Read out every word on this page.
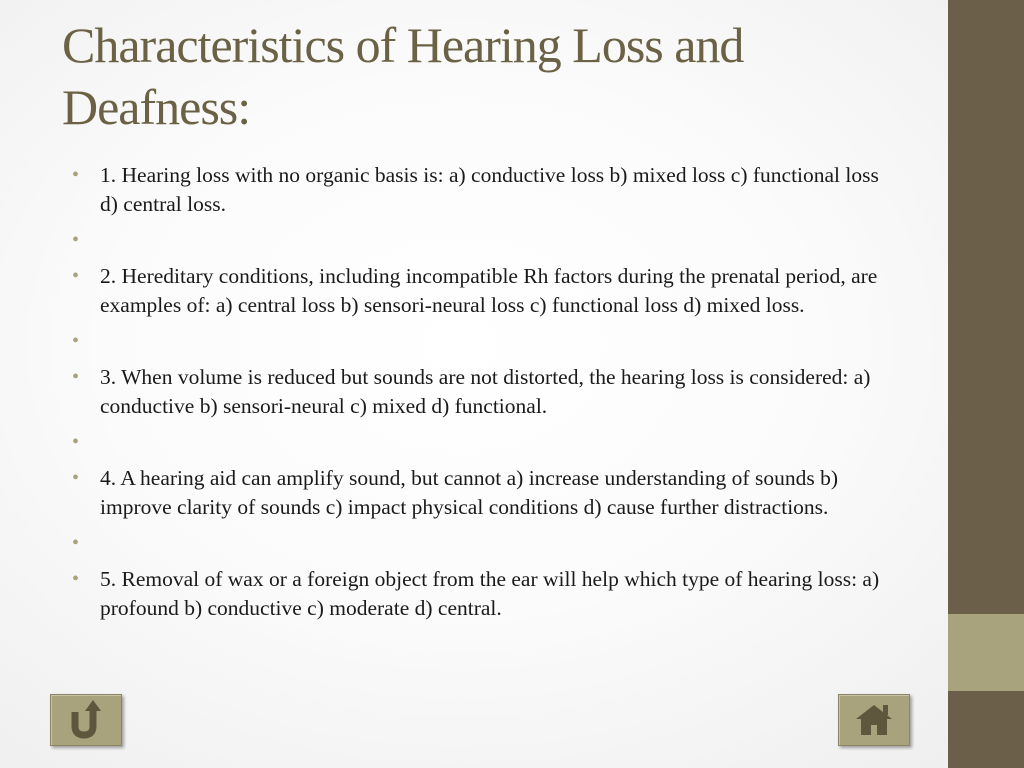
Characteristics of Hearing Loss and Deafness:
• 1. Hearing loss with no organic basis is: a) conductive loss b) mixed loss c) functional loss d) central loss.
•
• 2. Hereditary conditions, including incompatible Rh factors during the prenatal period, are examples of: a) central loss b) sensori-neural loss c) functional loss d) mixed loss.
•
• 3. When volume is reduced but sounds are not distorted, the hearing loss is considered: a) conductive b) sensori-neural c) mixed d) functional.
•
• 4. A hearing aid can amplify sound, but cannot a) increase understanding of sounds b) improve clarity of sounds c) impact physical conditions d) cause further distractions.
•
• 5. Removal of wax or a foreign object from the ear will help which type of hearing loss: a) profound b) conductive c) moderate d) central.
